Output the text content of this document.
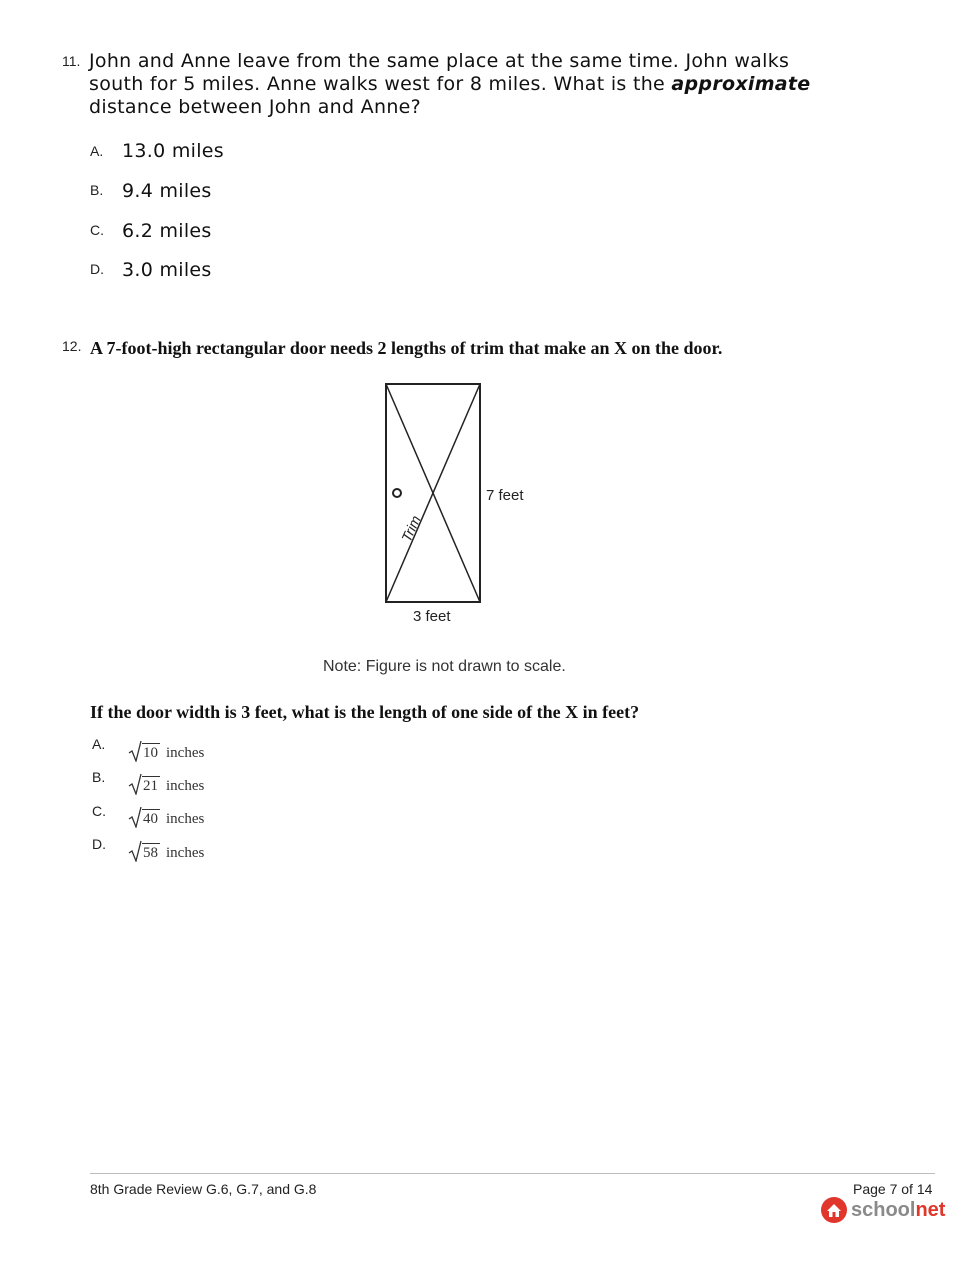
11. John and Anne leave from the same place at the same time. John walks south for 5 miles. Anne walks west for 8 miles. What is the approximate distance between John and Anne?
A. 13.0 miles
B. 9.4 miles
C. 6.2 miles
D. 3.0 miles
12. A 7-foot-high rectangular door needs 2 lengths of trim that make an X on the door.
7 feet
3 feet
Trim
Note: Figure is not drawn to scale.
If the door width is 3 feet, what is the length of one side of the X in feet?
A.
10 inches
B.
21 inches
C. 40 inches
D.
58 inches
8th Grade Review G.6, G.7, and G.8	Page 7 of 14
school net
